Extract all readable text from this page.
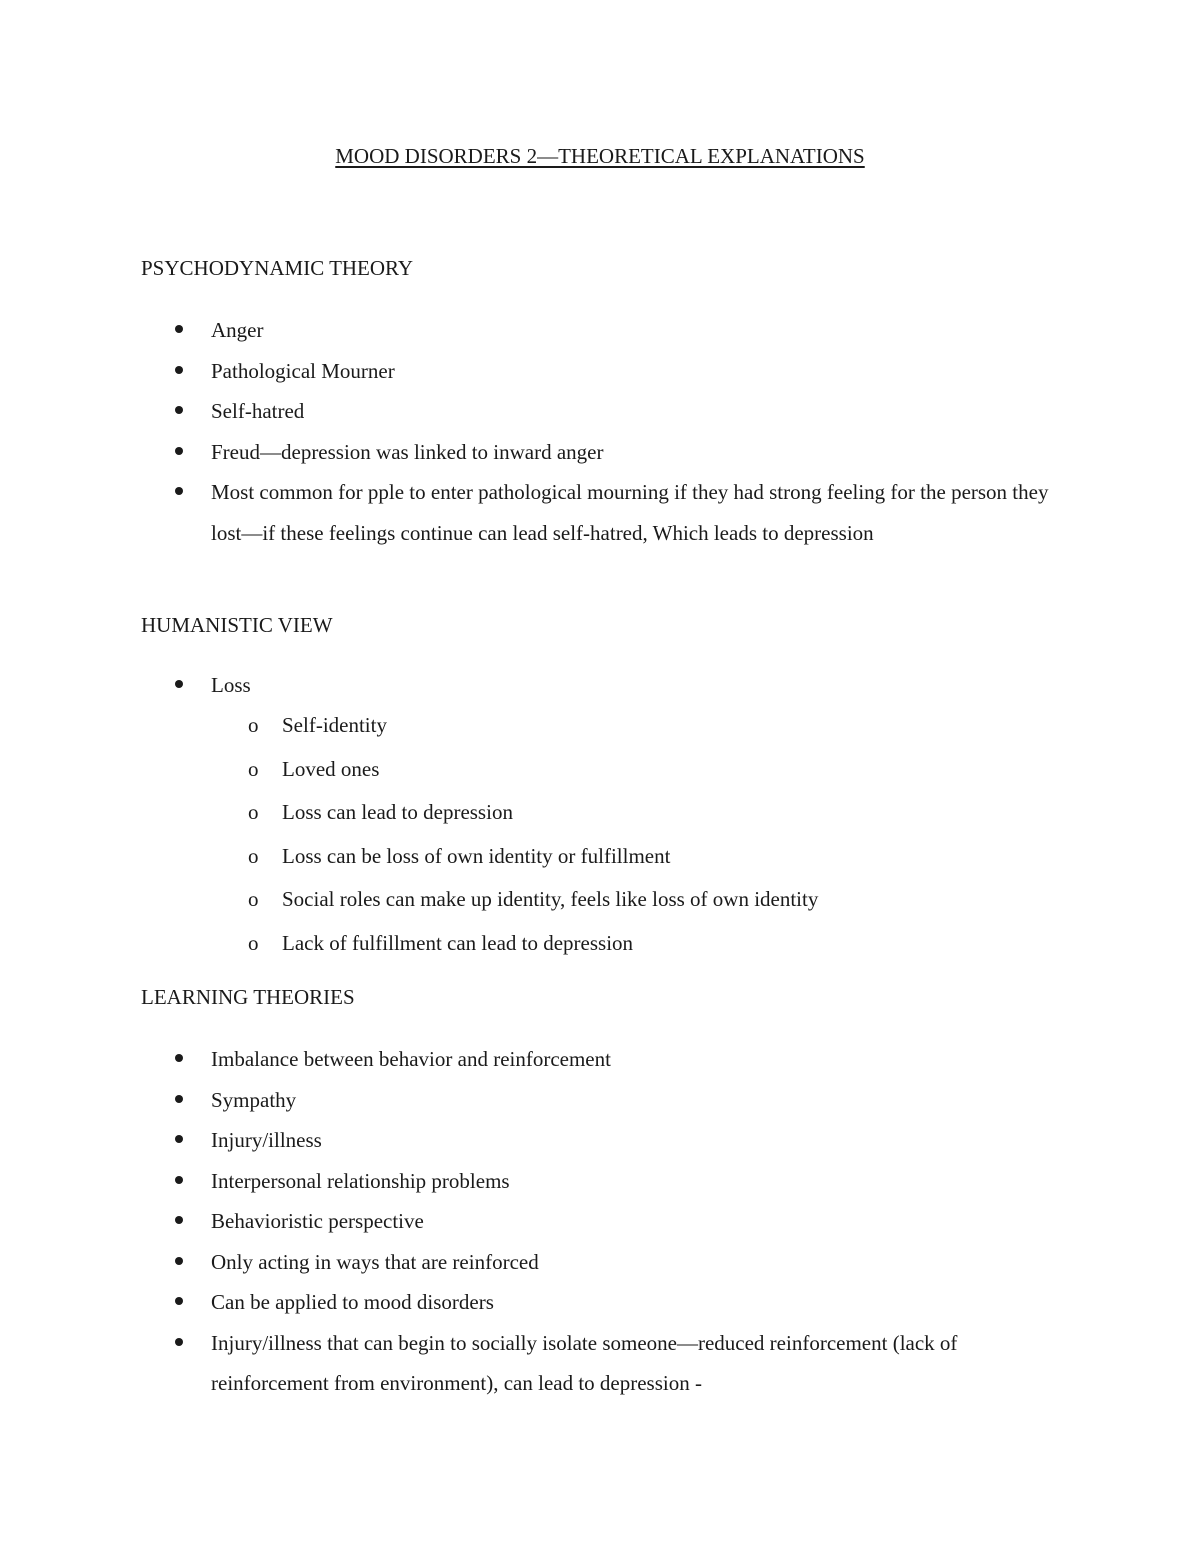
MOOD DISORDERS 2—THEORETICAL EXPLANATIONS
PSYCHODYNAMIC THEORY
Anger
Pathological Mourner
Self-hatred
Freud—depression was linked to inward anger
Most common for pple to enter pathological mourning if they had strong feeling for the person they lost—if these feelings continue can lead self-hatred, Which leads to depression
HUMANISTIC VIEW
Loss
o Self-identity
o Loved ones
o Loss can lead to depression
o Loss can be loss of own identity or fulfillment
o Social roles can make up identity, feels like loss of own identity
o Lack of fulfillment can lead to depression
LEARNING THEORIES
Imbalance between behavior and reinforcement
Sympathy
Injury/illness
Interpersonal relationship problems
Behavioristic perspective
Only acting in ways that are reinforced
Can be applied to mood disorders
Injury/illness that can begin to socially isolate someone—reduced reinforcement (lack of reinforcement from environment), can lead to depression -
